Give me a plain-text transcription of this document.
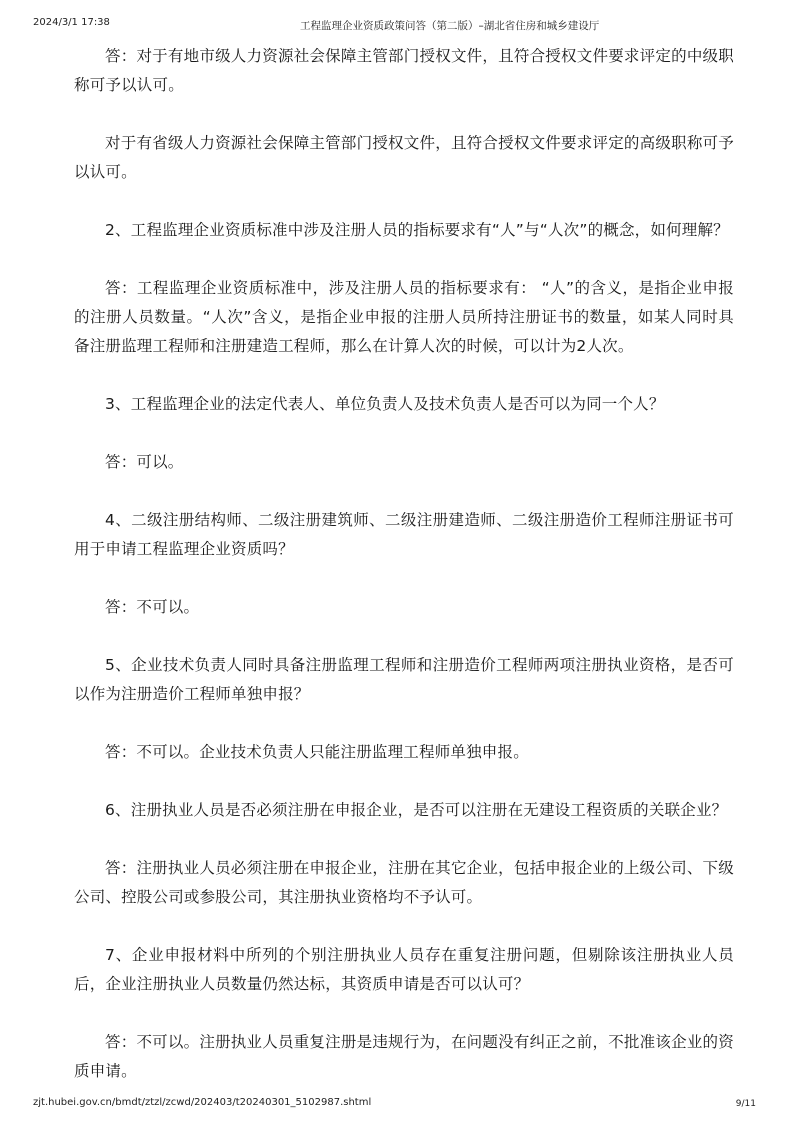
2024/3/1 17:38	工程监理企业资质政策问答（第二版）–湖北省住房和城乡建设厅

答：对于有地市级人力资源社会保障主管部门授权文件，且符合授权文件要求评定的中级职称可予以认可。

对于有省级人力资源社会保障主管部门授权文件，且符合授权文件要求评定的高级职称可予以认可。

2、工程监理企业资质标准中涉及注册人员的指标要求有“人”与“人次”的概念，如何理解？

答：工程监理企业资质标准中，涉及注册人员的指标要求有： “人”的含义，是指企业申报的注册人员数量。“人次”含义，是指企业申报的注册人员所持注册证书的数量，如某人同时具备注册监理工程师和注册建造工程师，那么在计算人次的时候，可以计为2人次。

3、工程监理企业的法定代表人、单位负责人及技术负责人是否可以为同一个人？

答：可以。

4、二级注册结构师、二级注册建筑师、二级注册建造师、二级注册造价工程师注册证书可用于申请工程监理企业资质吗？

答：不可以。

5、企业技术负责人同时具备注册监理工程师和注册造价工程师两项注册执业资格，是否可以作为注册造价工程师单独申报？

答：不可以。企业技术负责人只能注册监理工程师单独申报。

6、注册执业人员是否必须注册在申报企业，是否可以注册在无建设工程资质的关联企业？

答：注册执业人员必须注册在申报企业，注册在其它企业，包括申报企业的上级公司、下级公司、控股公司或参股公司，其注册执业资格均不予认可。

7、企业申报材料中所列的个别注册执业人员存在重复注册问题，但剔除该注册执业人员后，企业注册执业人员数量仍然达标，其资质申请是否可以认可？

答：不可以。注册执业人员重复注册是违规行为，在问题没有纠正之前，不批准该企业的资质申请。

zjt.hubei.gov.cn/bmdt/ztzl/zcwd/202403/t20240301_5102987.shtml	9/11
